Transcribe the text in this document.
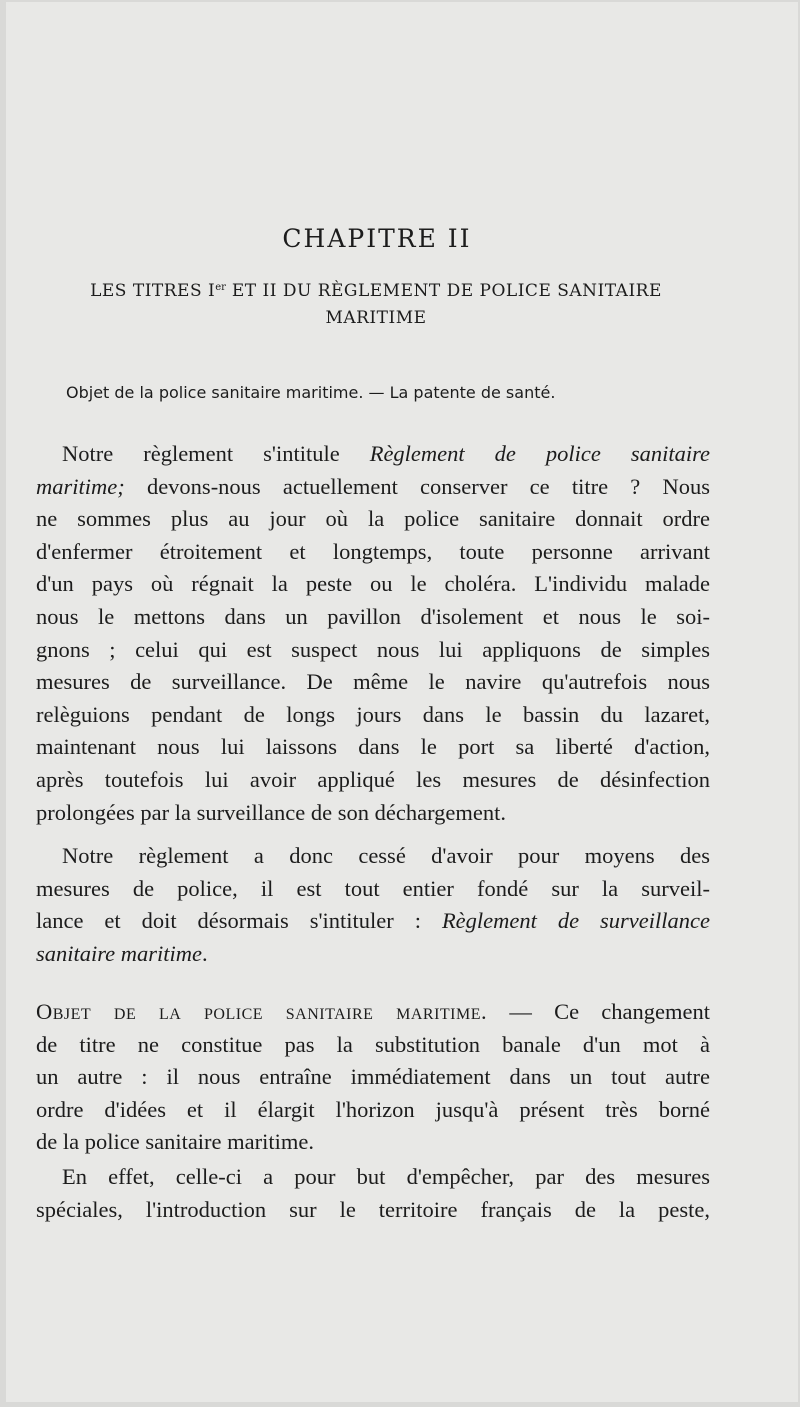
CHAPITRE II
LES TITRES Ier ET II DU RÈGLEMENT DE POLICE SANITAIRE
MARITIME

Objet de la police sanitaire maritime. — La patente de santé.

Notre règlement s'intitule Règlement de police sanitaire
maritime; devons-nous actuellement conserver ce titre ? Nous
ne sommes plus au jour où la police sanitaire donnait ordre
d'enfermer étroitement et longtemps, toute personne arrivant
d'un pays où régnait la peste ou le choléra. L'individu malade
nous le mettons dans un pavillon d'isolement et nous le soi-
gnons ; celui qui est suspect nous lui appliquons de simples
mesures de surveillance. De même le navire qu'autrefois nous
relèguions pendant de longs jours dans le bassin du lazaret,
maintenant nous lui laissons dans le port sa liberté d'action,
après toutefois lui avoir appliqué les mesures de désinfection
prolongées par la surveillance de son déchargement.
Notre règlement a donc cessé d'avoir pour moyens des
mesures de police, il est tout entier fondé sur la surveil-
lance et doit désormais s'intituler : Règlement de surveillance
sanitaire maritime.
Objet de la police sanitaire maritime. — Ce changement
de titre ne constitue pas la substitution banale d'un mot à
un autre : il nous entraîne immédiatement dans un tout autre
ordre d'idées et il élargit l'horizon jusqu'à présent très borné
de la police sanitaire maritime.
En effet, celle-ci a pour but d'empêcher, par des mesures
spéciales, l'introduction sur le territoire français de la peste,
